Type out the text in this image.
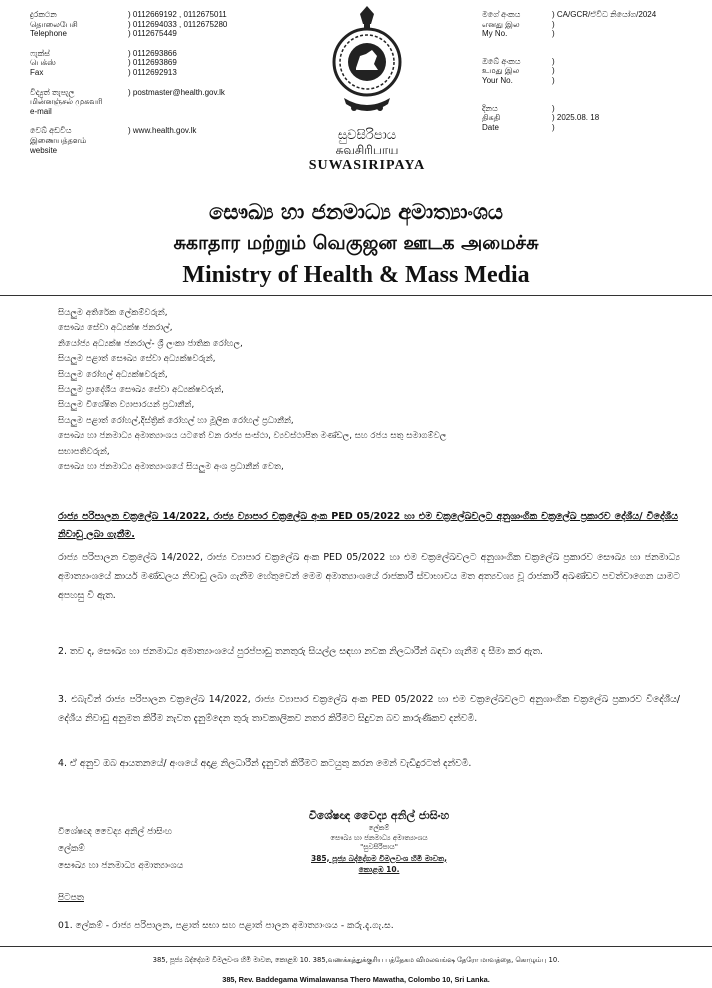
දුරකථන	) 0112669192 , 0112675011
தொலைபேசி	) 0112694033 , 0112675280
Telephone	) 0112675449
ෆැක්ස්	) 0112693866
பெக்ஸ்	) 0112693869
Fax	) 0112692913
විද්‍යුත් තැපැල	) postmaster@health.gov.lk
மின்னஞ்சல் முகவரி
e-mail
වෙබ් අඩවිය	) www.health.gov.lk
இணையத்தளம்
website
සුවසිරිපාය
சுவசிரிபாய
SUWASIRIPAYA
මගේ අංකය	) CA/GCR/ඒවිධ නියෝග/2024
எனது இல	)
My No.	)
ඔබේ අංකය	)
உமது இல	)
Your No.	)
දිනය	)
திகதி	) 2025.08. 18
Date	)
සෞඛ්‍ය හා ජනමාධ්‍ය අමාත්‍යාංශය
சுகாதார மற்றும் வெகுஜன ஊடக அமைச்சு
Ministry of Health & Mass Media
සියලුම අතිරේක ලේකම්වරුන්,
සෞඛ්‍ය සේවා අධ්‍යක්ෂ ජනරාල්,
නියෝජ්‍ය අධ්‍යක්ෂ ජනරාල්- ශ්‍රී ලංකා ජාතික රෝහල,
සියලුම පළාත් සෞඛ්‍ය සේවා අධ්‍යක්ෂවරුන්,
සියලුම රෝහල් අධ්‍යක්ෂවරුන්,
සියලුම ප්‍රාදේශීය සෞඛ්‍ය සේවා අධ්‍යක්ෂවරුන්,
සියලුම විශේෂිත ව්‍යාපාරයන් ප්‍රධානීන්,
සියලුම පළාත් රෝහල්,දිස්ත්‍රික් රෝහල් හා මූලික රෝහල් ප්‍රධානීන්,
සෞඛ්‍ය හා ජනමාධ්‍ය අමාත්‍යාංශය යටතේ වන රාජ්‍ය සංස්ථා, ව්‍යවස්ථාපිත මණ්ඩල, සහ රජය සතු සමාගම්වල
සභාපතිවරුන්,
සෞඛ්‍ය හා ජනමාධ්‍ය අමාත්‍යාංශයේ සියලුම අංශ ප්‍රධානීන් වෙත,
රාජ්‍ය පරිපාලන චක්‍රලේඛ 14/2022, රාජ්‍ය ව්‍යාපාර චක්‍රලේඛ අංක PED 05/2022 හා එම චක්‍රලේඛවලට අනුශාංගික චක්‍රලේඛ ප්‍රකාරව දේශීය/ විදේශීය නිවාඩු ලබා ගැනීම.
රාජ්‍ය පරිපාලන චක්‍රලේඛ 14/2022, රාජ්‍ය ව්‍යාපාර චක්‍රලේඛ අංක PED 05/2022 හා එම චක්‍රලේඛවලට අනුශාංගික චක්‍රලේඛ ප්‍රකාරව සෞඛ්‍ය හා ජනමාධ්‍ය අමාත්‍යාංශයේ කාර්ය මණ්ඩලය නිවාඩු ලබා ගැනීම හේතුවෙන් මෙම අමාත්‍යාංශයේ රාජකාරී ස්වාභාවය මත අත්‍යවශ්‍ය වූ රාජකාරී අඛණ්ඩව පවත්වාගෙන යාමට අපහසු වී ඇත.
2. තව ද, සෞඛ්‍ය හා ජනමාධ්‍ය අමාත්‍යාංශයේ පුරප්පාඩු තනතුරු සියල්ල සඳහා නවක නිලධාරීන් බඳවා ගැනීම ද සීමා කර ඇත.
3. එබැවින් රාජ්‍ය පරිපාලන චක්‍රලේඛ 14/2022, රාජ්‍ය ව්‍යාපාර චක්‍රලේඛ අංක PED 05/2022 හා එම චක්‍රලේඛවලට අනුශාංගික චක්‍රලේඛ ප්‍රකාරව විදේශීය/ දේශීය නිවාඩු අනුමත කිරීම නැවත දැනුම්දෙන තුරු තාවකාලිකව නතර කිරීමට සිදුවන බව කාරුණිකව දන්වමි.
4. ඒ අනුව ඔබ ආයතනයේ/ අංශයේ අදාළ නිලධාරීන් දැනුවත් කිරීමට කටයුතු කරන මෙන් වැඩිදුරටත් දන්වමි.
විශේෂඥ වෛද්‍ය අනිල් ජාසිංහ
ලේකම්
සෞඛ්‍ය හා ජනමාධ්‍ය අමාත්‍යාංශය
විශේෂඥ වෛද්‍ය අනිල් ජාසිංහ
ලේකම්
සෞඛ්‍ය හා ජනමාධ්‍ය අමාත්‍යාංශය
"සුවසිරිපාය"
385, පූජ්‍ය බද්දේගම විමලවංශ හිමි මාවත,
කොළඹ 10.
පිටපත
01. ලේකම් - රාජ්‍ය පරිපාලන, පළාත් සභා සහ පළාත් පාලන අමාත්‍යාංශය - කරු.දැ.ගැ.ස.
385, පූජ්‍ය බද්දේගම විමලවංශ හිමි මාවත, කොළඹ 10. 385,வணக்கத்துக்குரிய பத்தேகம விமலவங்ஷ தேரோ மாவத்தை, கொழும்பு 10.
385, Rev. Baddegama Wimalawansa Thero Mawatha, Colombo 10, Sri Lanka.
